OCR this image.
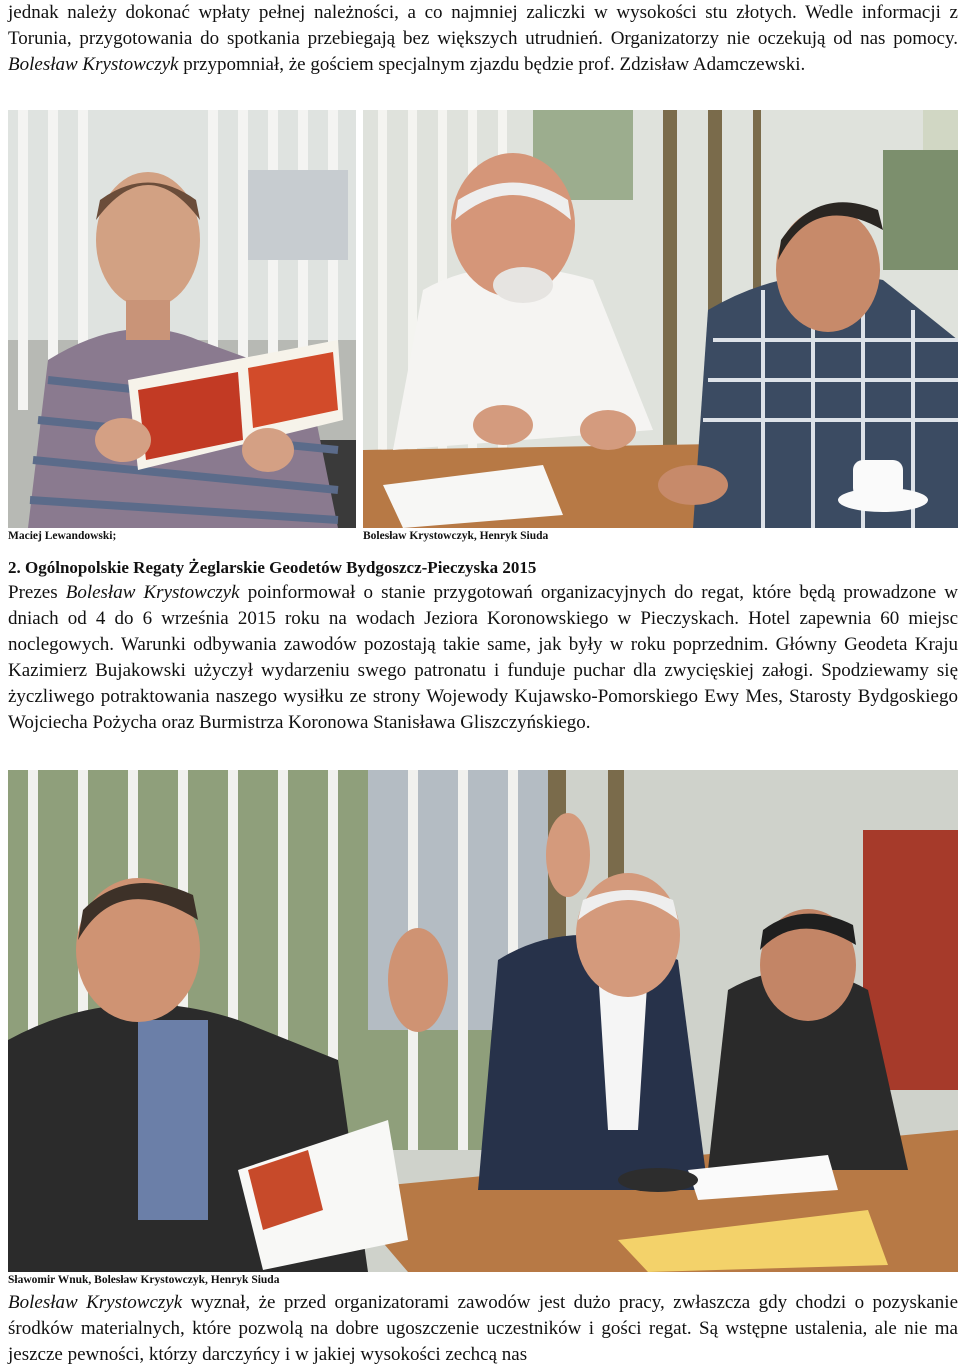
jednak należy dokonać wpłaty pełnej należności, a co najmniej zaliczki w wysokości stu złotych. Wedle informacji z Torunia, przygotowania do spotkania przebiegają bez większych utrudnień. Organizatorzy nie oczekują od nas pomocy. Bolesław Krystowczyk przypomniał, że gościem specjalnym zjazdu będzie prof. Zdzisław Adamczewski.

Maciej Lewandowski;	Bolesław Krystowczyk, Henryk Siuda
2. Ogólnopolskie Regaty Żeglarskie Geodetów Bydgoszcz-Pieczyska 2015

Prezes Bolesław Krystowczyk poinformował o stanie przygotowań organizacyjnych do regat, które będą prowadzone w dniach od 4 do 6 września 2015 roku na wodach Jeziora Koronowskiego w Pieczyskach. Hotel zapewnia 60 miejsc noclegowych. Warunki odbywania zawodów pozostają takie same, jak były w roku poprzednim. Główny Geodeta Kraju Kazimierz Bujakowski użyczył wydarzeniu swego patronatu i funduje puchar dla zwycięskiej załogi. Spodziewamy się życzliwego potraktowania naszego wysiłku ze strony Wojewody Kujawsko-Pomorskiego Ewy Mes, Starosty Bydgoskiego Wojciecha Pożycha oraz Burmistrza Koronowa Stanisława Gliszczyńskiego.

Sławomir Wnuk, Bolesław Krystowczyk, Henryk Siuda

Bolesław Krystowczyk wyznał, że przed organizatorami zawodów jest dużo pracy, zwłaszcza gdy chodzi o pozyskanie środków materialnych, które pozwolą na dobre ugoszczenie uczestników i gości regat. Są wstępne ustalenia, ale nie ma jeszcze pewności, którzy darczyńcy i w jakiej wysokości zechcą nas
